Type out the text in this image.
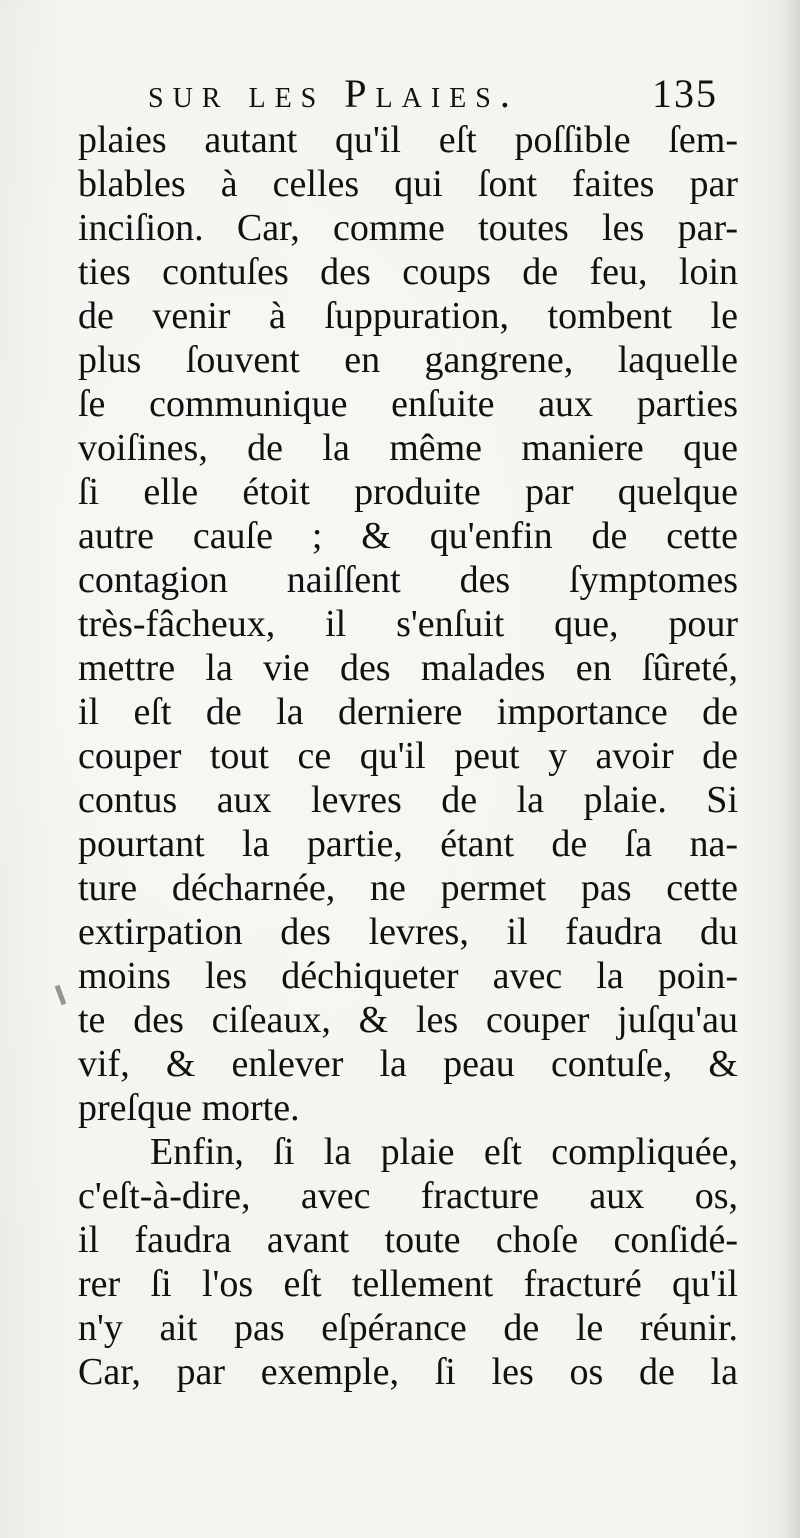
sur les Plaies.	135
plaies autant qu'il eſt poſſible ſem-
blables à celles qui ſont faites par
inciſion. Car, comme toutes les par-
ties contuſes des coups de feu, loin
de venir à ſuppuration, tombent le
plus ſouvent en gangrene, laquelle
ſe communique enſuite aux parties
voiſines, de la même maniere que
ſi elle étoit produite par quelque
autre cauſe ; & qu'enfin de cette
contagion naiſſent des ſymptomes
très-fâcheux, il s'enſuit que, pour
mettre la vie des malades en ſûreté,
il eſt de la derniere importance de
couper tout ce qu'il peut y avoir de
contus aux levres de la plaie. Si
pourtant la partie, étant de ſa na-
ture décharnée, ne permet pas cette
extirpation des levres, il faudra du
moins les déchiqueter avec la poin-
te des ciſeaux, & les couper juſqu'au
vif, & enlever la peau contuſe, &
preſque morte.
Enfin, ſi la plaie eſt compliquée,
c'eſt-à-dire, avec fracture aux os,
il faudra avant toute choſe conſidé-
rer ſi l'os eſt tellement fracturé qu'il
n'y ait pas eſpérance de le réunir.
Car, par exemple, ſi les os de la
